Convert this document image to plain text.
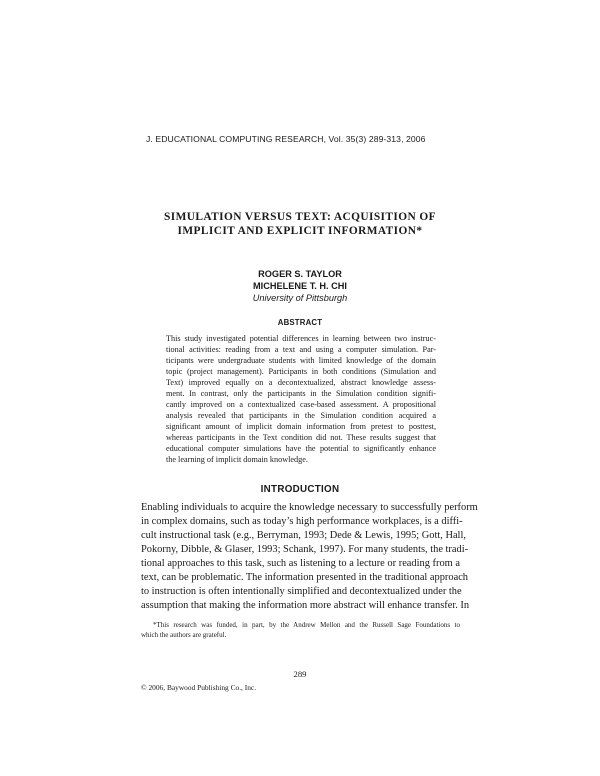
J. EDUCATIONAL COMPUTING RESEARCH, Vol. 35(3) 289-313, 2006
SIMULATION VERSUS TEXT: ACQUISITION OF
IMPLICIT AND EXPLICIT INFORMATION*
ROGER S. TAYLOR
MICHELENE T. H. CHI
University of Pittsburgh
ABSTRACT
This study investigated potential differences in learning between two instruc-
tional activities: reading from a text and using a computer simulation. Par-
ticipants were undergraduate students with limited knowledge of the domain
topic (project management). Participants in both conditions (Simulation and
Text) improved equally on a decontextualized, abstract knowledge assess-
ment. In contrast, only the participants in the Simulation condition signifi-
cantly improved on a contextualized case-based assessment. A propositional
analysis revealed that participants in the Simulation condition acquired a
significant amount of implicit domain information from pretest to posttest,
whereas participants in the Text condition did not. These results suggest that
educational computer simulations have the potential to significantly enhance
the learning of implicit domain knowledge.
INTRODUCTION
Enabling individuals to acquire the knowledge necessary to successfully perform
in complex domains, such as today’s high performance workplaces, is a diffi-
cult instructional task (e.g., Berryman, 1993; Dede & Lewis, 1995; Gott, Hall,
Pokorny, Dibble, & Glaser, 1993; Schank, 1997). For many students, the tradi-
tional approaches to this task, such as listening to a lecture or reading from a
text, can be problematic. The information presented in the traditional approach
to instruction is often intentionally simplified and decontextualized under the
assumption that making the information more abstract will enhance transfer. In
*This research was funded, in part, by the Andrew Mellon and the Russell Sage Foundations to
which the authors are grateful.
289
© 2006, Baywood Publishing Co., Inc.
